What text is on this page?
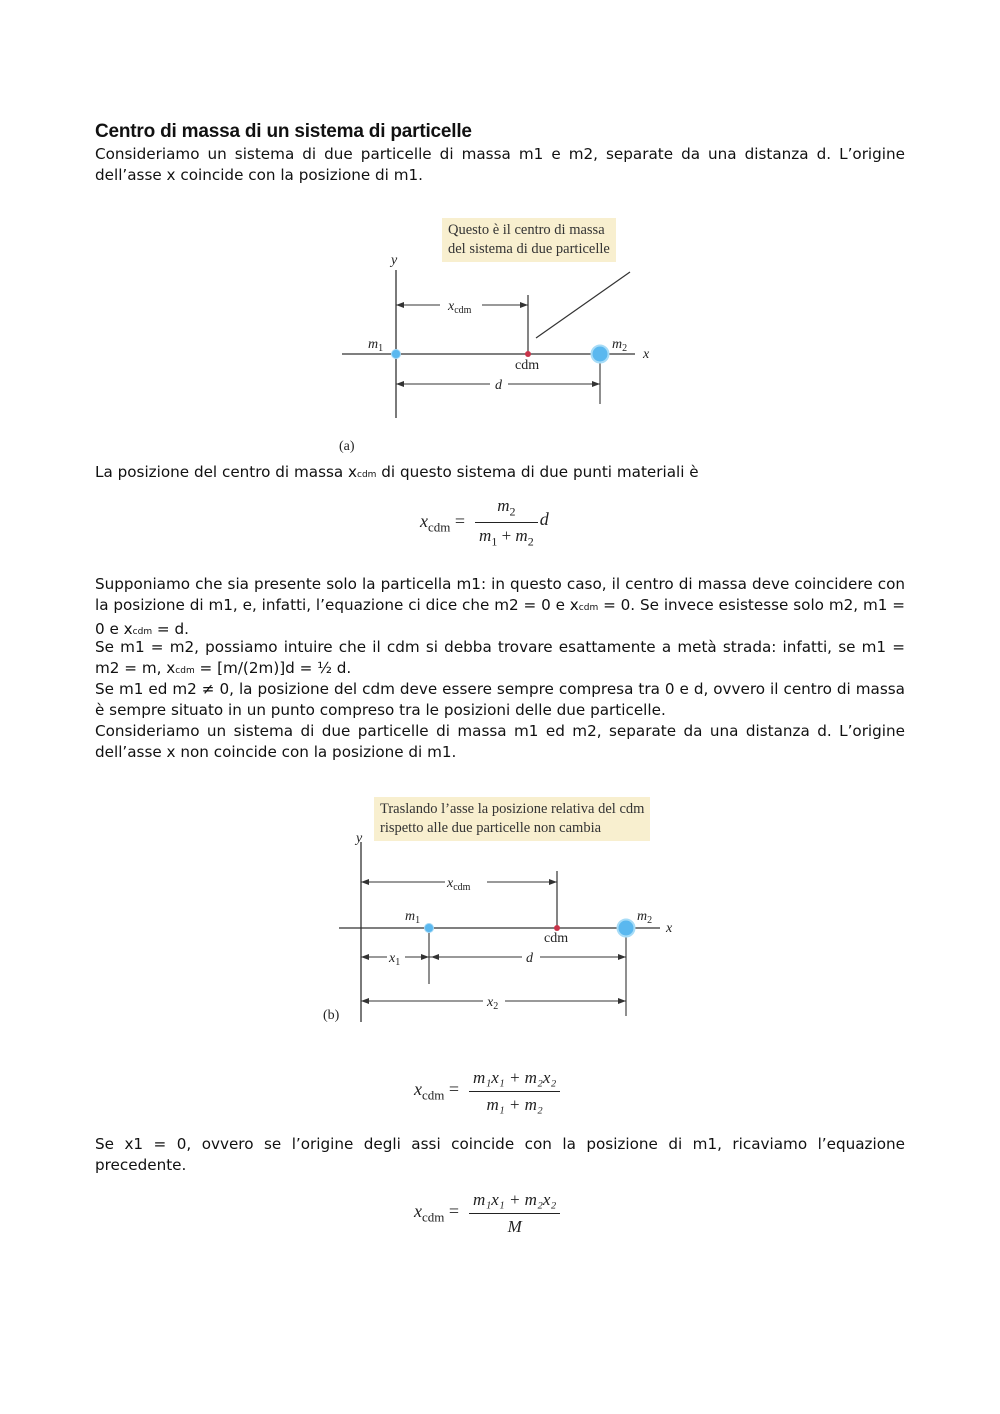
Centro di massa di un sistema di particelle

Consideriamo un sistema di due particelle di massa m1 e m2, separate da una distanza d. L’origine dell’asse x coincide con la posizione di m1.

Questo è il centro di massa
del sistema di due particelle
y
x
$x_{cdm}$
$m_1$	$m_2$
cdm
d
(a)

La posizione del centro di massa xcdm di questo sistema di due punti materiali è

$x_{cdm} = \frac{m_2}{m_1 + m_2}$ d

Supponiamo che sia presente solo la particella m1: in questo caso, il centro di massa deve coincidere con la posizione di m1, e, infatti, l’equazione ci dice che m2 = 0 e xcdm = 0. Se invece esistesse solo m2, m1 = 0 e xcdm = d.

Se m1 = m2, possiamo intuire che il cdm si debba trovare esattamente a metà strada: infatti, se m1 = m2 = m, xcdm = [m/(2m)]d = ½ d.

Se m1 ed m2 ≠ 0, la posizione del cdm deve essere sempre compresa tra 0 e d, ovvero il centro di massa è sempre situato in un punto compreso tra le posizioni delle due particelle.

Consideriamo un sistema di due particelle di massa m1 ed m2, separate da una distanza d. L’origine dell’asse x non coincide con la posizione di m1.

Traslando l’asse la posizione relativa del cdm
rispetto alle due particelle non cambia
y
x
$x_{cdm}$
$m_1$	$m_2$
cdm
$x_1$	d
$x_2$
(b)
$x_{cdm} = \frac{\text{m₁x₁ + m₂x₂}}{\text{m₁ + m₂}}$

Se x1 = 0, ovvero se l’origine degli assi coincide con la posizione di m1, ricaviamo l’equazione precedente.

$x_{cdm} = \frac{\text{m₁x₁ + m₂x₂}}{M}$
